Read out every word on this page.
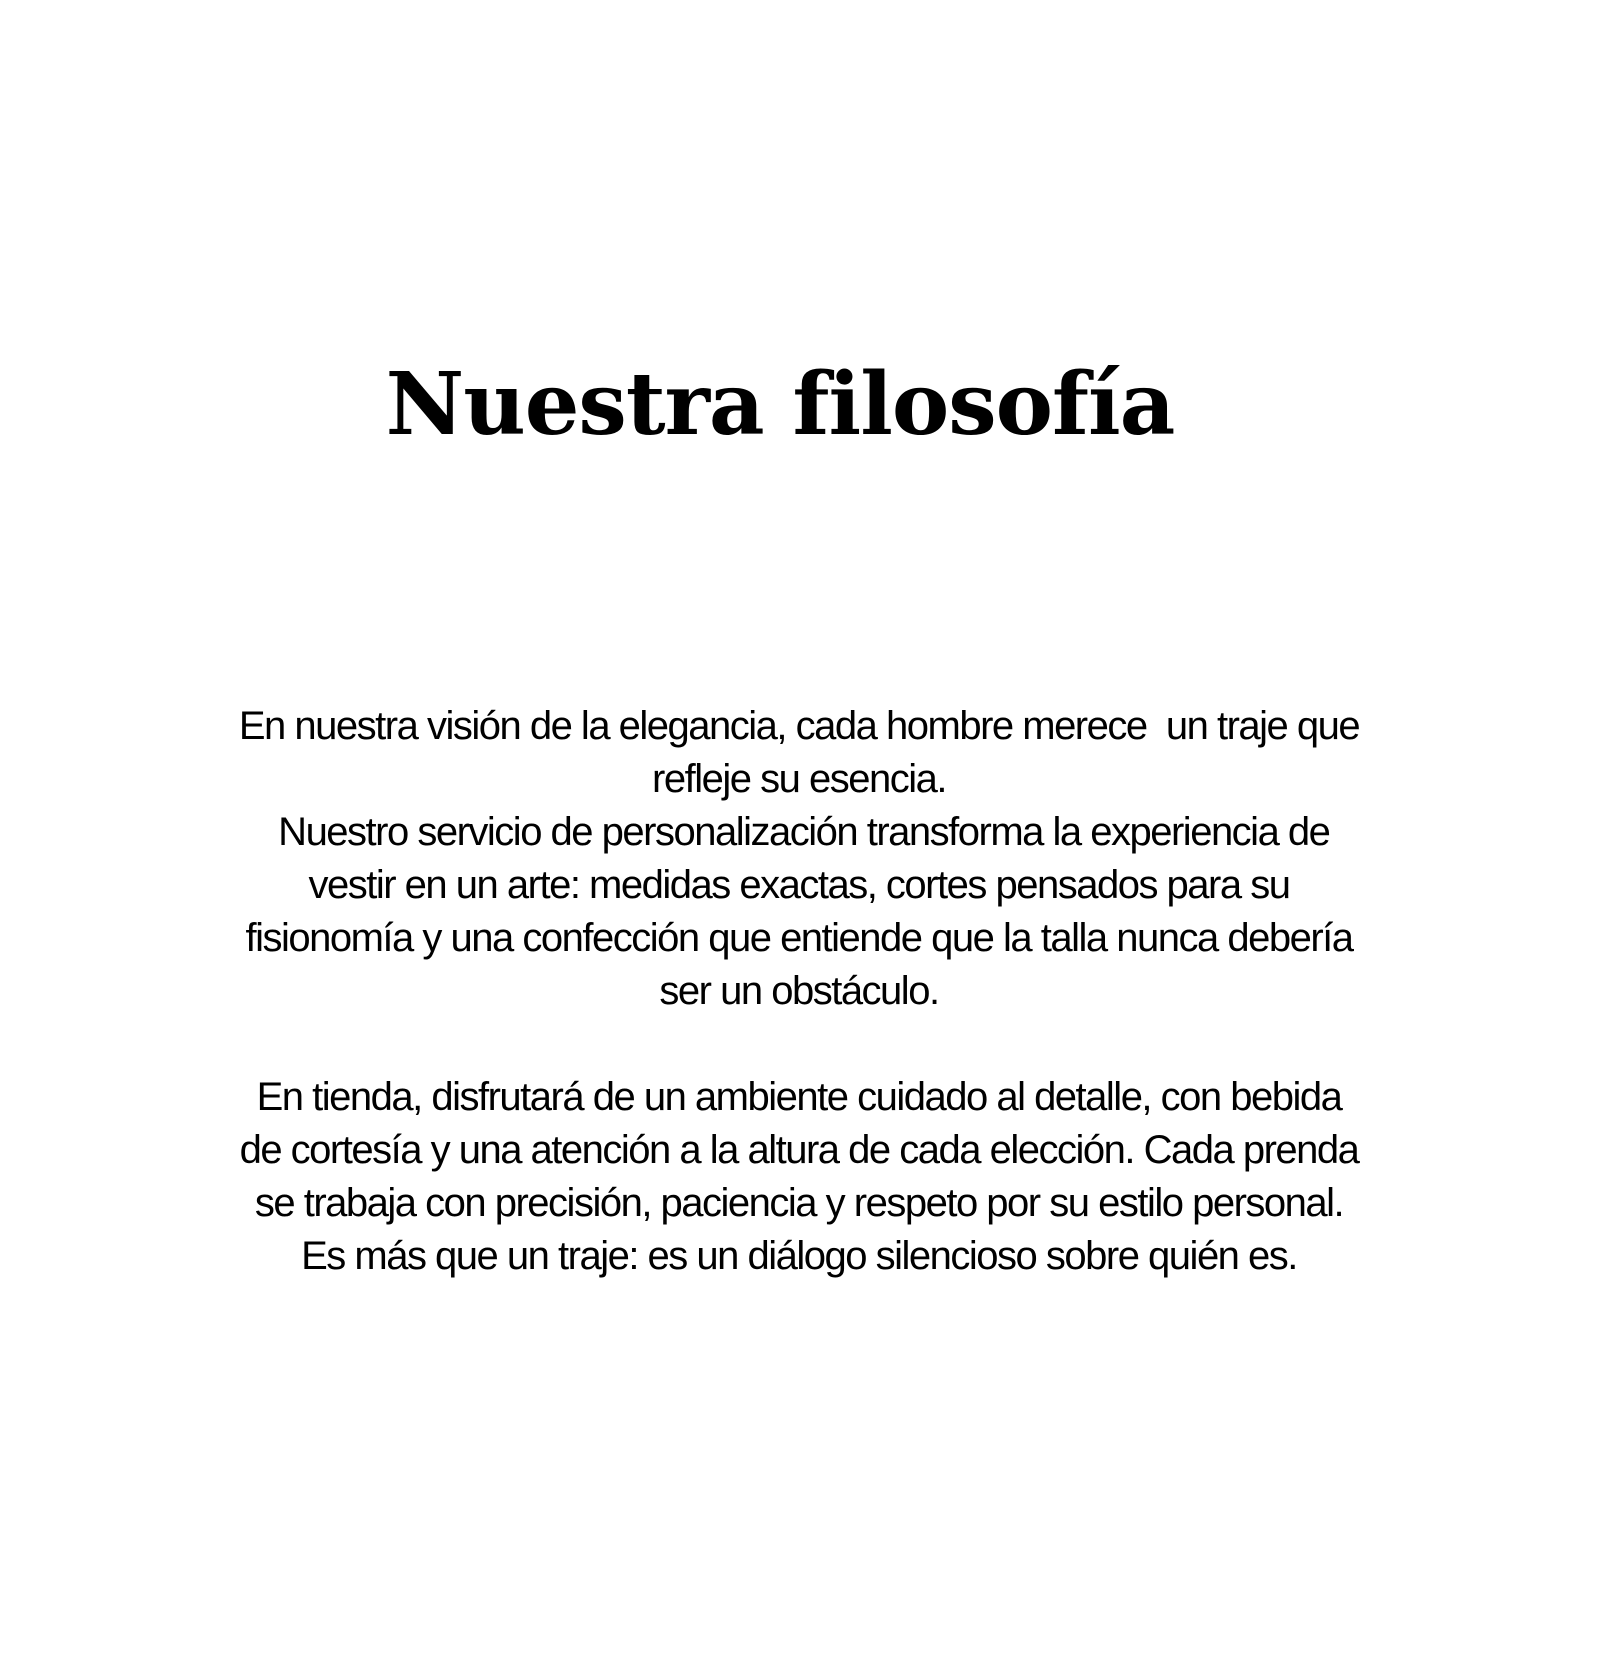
Nuestra filosofía
En nuestra visión de la elegancia, cada hombre merece  un traje que
refleje su esencia.
Nuestro servicio de personalización transforma la experiencia de
vestir en un arte: medidas exactas, cortes pensados para su
fisionomía y una confección que entiende que la talla nunca debería
ser un obstáculo.
En tienda, disfrutará de un ambiente cuidado al detalle, con bebida
de cortesía y una atención a la altura de cada elección. Cada prenda
se trabaja con precisión, paciencia y respeto por su estilo personal.
Es más que un traje: es un diálogo silencioso sobre quién es.
